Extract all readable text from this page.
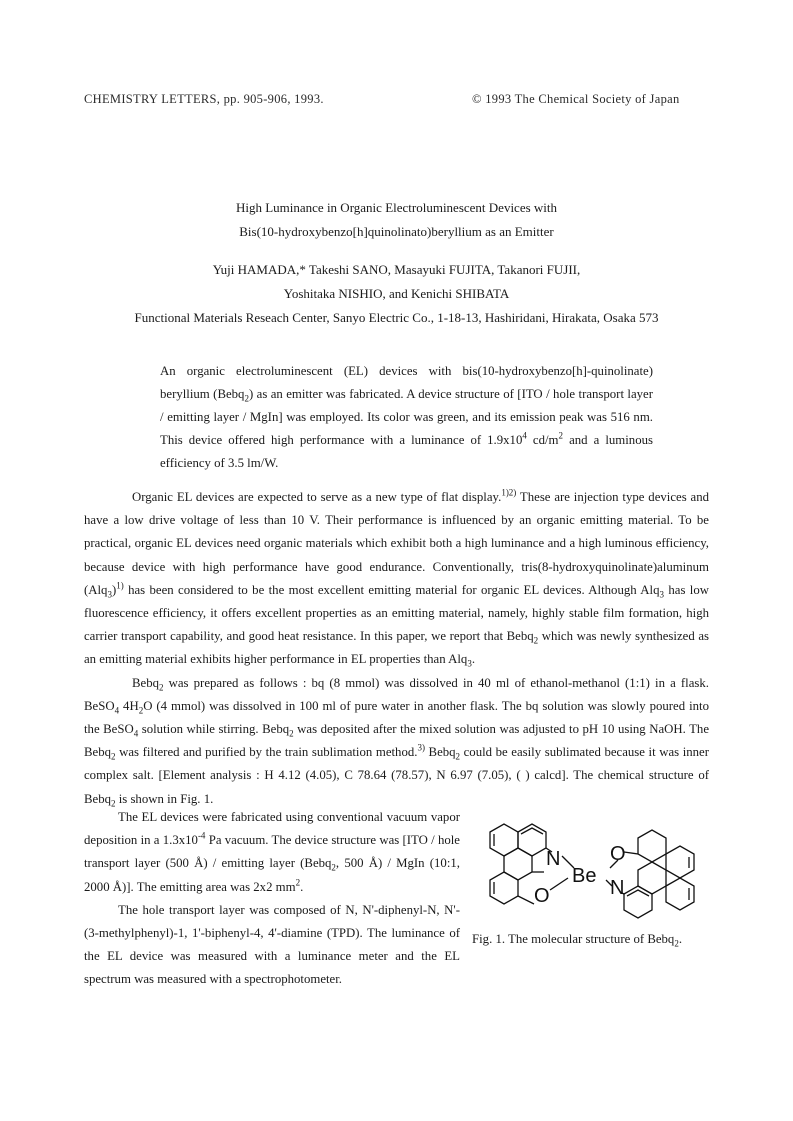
CHEMISTRY LETTERS, pp. 905-906, 1993.	© 1993 The Chemical Society of Japan
High Luminance in Organic Electroluminescent Devices with
Bis(10-hydroxybenzo[h]quinolinato)beryllium as an Emitter
Yuji HAMADA,* Takeshi SANO, Masayuki FUJITA, Takanori FUJII,
Yoshitaka NISHIO, and Kenichi SHIBATA
Functional Materials Reseach Center, Sanyo Electric Co., 1-18-13, Hashiridani, Hirakata, Osaka 573
An organic electroluminescent (EL) devices with bis(10-hydroxybenzo[h]-quinolinate) beryllium (Bebq$_2$) as an emitter was fabricated. A device structure of [ITO / hole transport layer / emitting layer / MgIn] was employed. Its color was green, and its emission peak was 516 nm. This device offered high performance with a luminance of $1.9x10^4$ $cd/m^2$ and a luminous efficiency of 3.5 lm/W.

Organic EL devices are expected to serve as a new type of flat display.$^{1)2)}$ These are injection type devices and have a low drive voltage of less than 10 V. Their performance is influenced by an organic emitting material. To be practical, organic EL devices need organic materials which exhibit both a high luminance and a high luminous efficiency, because device with high performance have good endurance. Conventionally, tris(8-hydroxyquinolinate)aluminum $(Alq_3)^{1)}$ has been considered to be the most excellent emitting material for organic EL devices. Although Alq$_3$ has low fluorescence efficiency, it offers excellent properties as an emitting material, namely, highly stable film formation, high carrier transport capability, and good heat resistance. In this paper, we report that Bebq$_2$ which was newly synthesized as an emitting material exhibits higher performance in EL properties than Alq$_3$.

Bebq$_2$ was prepared as follows : bq (8 mmol) was dissolved in 40 ml of ethanol-methanol (1:1) in a flask. BeSO$_4$ $4H_2O$ (4 mmol) was dissolved in 100 ml of pure water in another flask. The bq solution was slowly poured into the BeSO$_4$ solution while stirring. Bebq$_2$ was deposited after the mixed solution was adjusted to pH 10 using NaOH. The Bebq$_2$ was filtered and purified by the train sublimation method.$^{3)}$ Bebq$_2$ could be easily sublimated because it was inner complex salt. [Element analysis : H 4.12 (4.05), C 78.64 (78.57), N 6.97 (7.05), ( ) calcd]. The chemical structure of Bebq$_2$ is shown in Fig. 1.

The EL devices were fabricated using conventional vacuum vapor deposition in a $1.3x10^{-4}$ Pa vacuum. The device structure was [ITO / hole transport layer (500 Å) / emitting layer (Bebq$_2$, 500 Å) / MgIn (10:1, 2000 Å)]. The emitting area was 2x2 $mm^2$.

The hole transport layer was composed of N, N'-diphenyl-N, N'-(3-methylphenyl)-1, 1'-biphenyl-4, 4'-diamine (TPD). The luminance of the EL device was measured with a luminance meter and the EL spectrum was measured with a spectrophotometer.

N
O
Be
O
N
Fig. 1. The molecular structure of Bebq$_2$.
